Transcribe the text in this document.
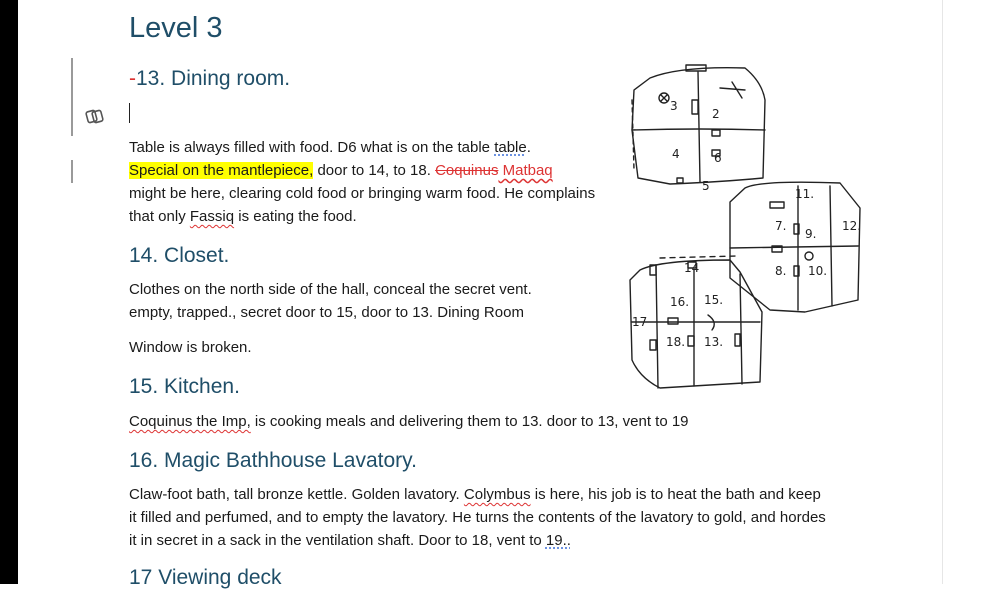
Level 3
-13. Dining room.

Table is always filled with food. D6 what is on the table table.
Special on the mantlepiece, door to 14, to 18. Coquinus Matbaq
might be here, clearing cold food or bringing warm food. He complains that only Fassiq is eating the food.

14. Closet.

Clothes on the north side of the hall, conceal the secret vent. empty, trapped., secret door to 15, door to 13. Dining Room

Window is broken.

15. Kitchen.

Coquinus the Imp, is cooking meals and delivering them to 13. door to 13, vent to 19

16. Magic Bathhouse Lavatory.

Claw-foot bath, tall bronze kettle. Golden lavatory. Colymbus is here, his job is to heat the bath and keep it filled and perfumed, and to empty the lavatory. He turns the contents of the lavatory to gold, and hordes it in secret in a sack in the ventilation shaft. Door to 18, vent to 19..

17 Viewing deck
3
2
4	6
5
11.
7.
9.
12.
8. 10.
14
16. 15.
17
18. 13.
